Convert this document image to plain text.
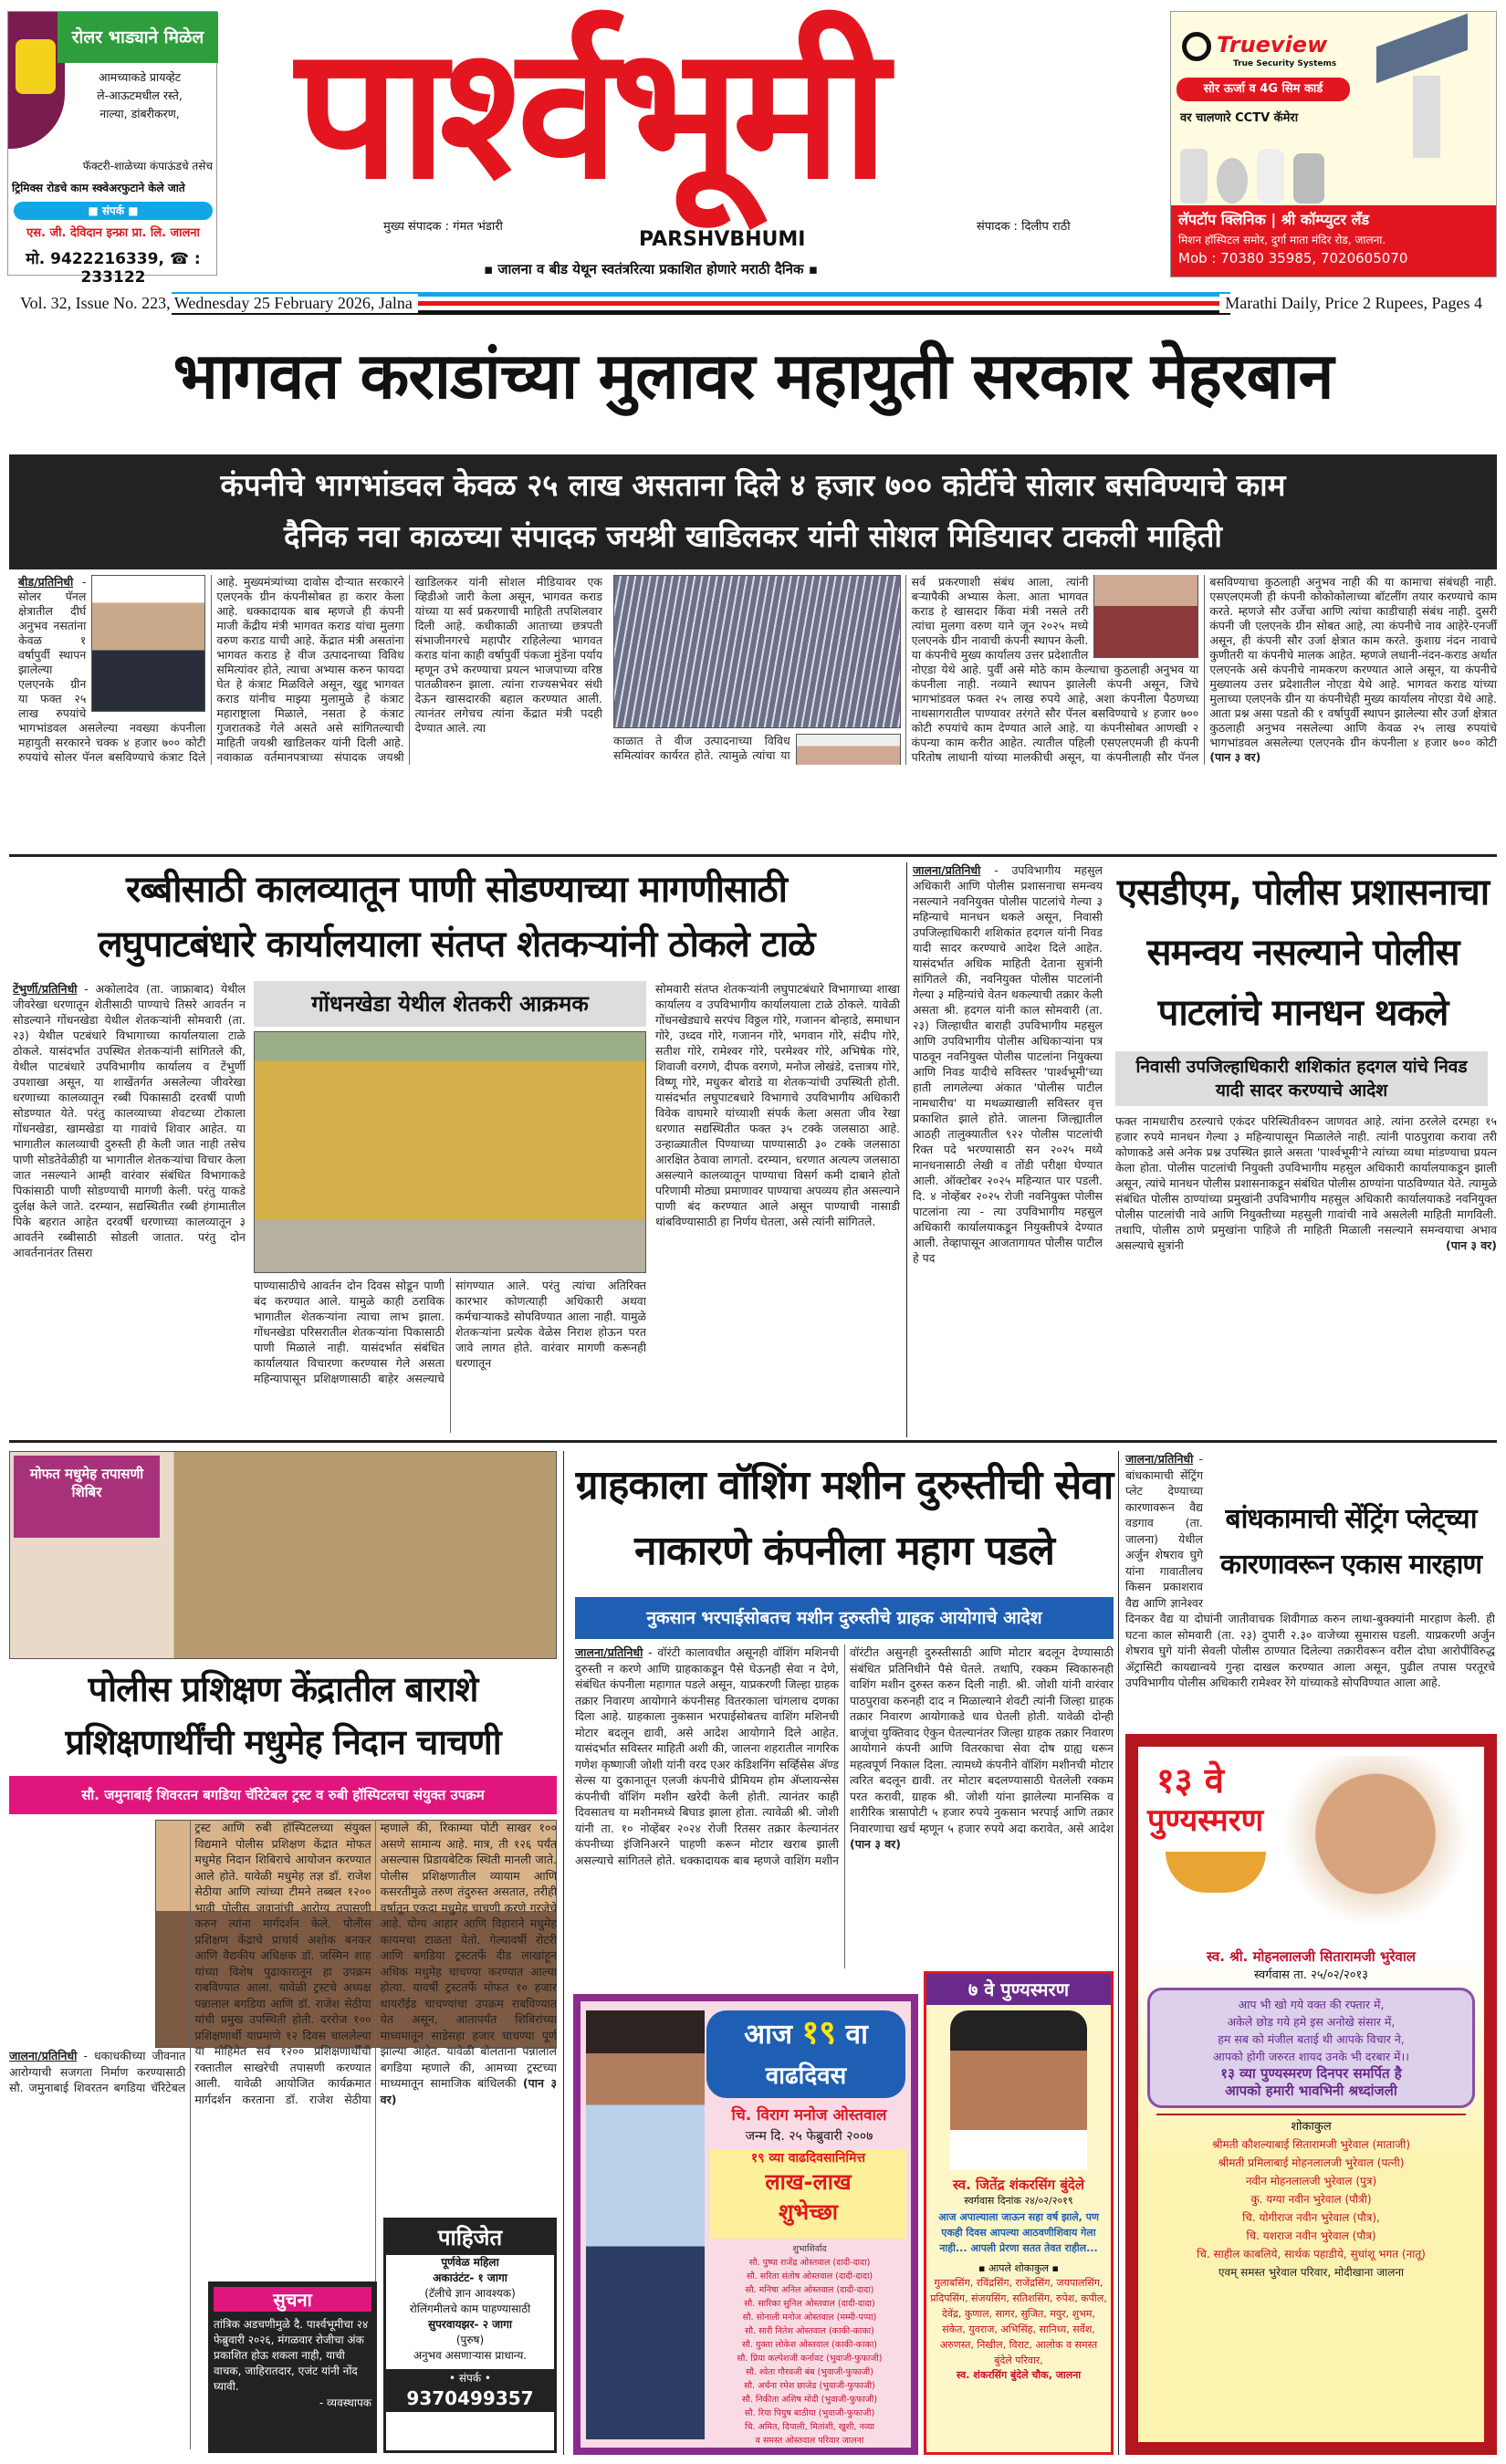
रोलर भाड्याने मिळेल
आमच्याकडे प्रायव्हेट
ले-आऊटमधील रस्ते,
नाल्या, डांबरीकरण,
फॅक्टरी-शाळेच्या कंपाऊंडचे तसेच
ट्रिमिक्स रोडचे काम स्क्वेअरफुटाने केले जाते
■ संपर्क ■
एस. जी. देविदान इन्फ्रा प्रा. लि. जालना
मो. 9422216339, ☎ : 233122
पार्श्वभूमी
मुख्य संपादक : गंमत भंडारी	संपादक : दिलीप राठी
PARSHVBHUMI
▪ जालना व बीड येथून स्वतंत्ररित्या प्रकाशित होणारे मराठी दैनिक ▪
Trueview
True Security Systems
सोर ऊर्जा व 4G सिम कार्ड
वर चालणारे CCTV कॅमेरा
लॅपटॉप क्लिनिक | श्री कॉम्प्युटर लॅंड
मिशन हॉस्पिटल समोर, दुर्गा माता मंदिर रोड, जालना.
Mob : 70380 35985, 7020605070
Vol. 32, Issue No. 223, Wednesday 25 February 2026, Jalna	Marathi Daily, Price 2 Rupees, Pages 4
भागवत कराडांच्या मुलावर महायुती सरकार मेहरबान
कंपनीचे भागभांडवल केवळ २५ लाख असताना दिले ४ हजार ७०० कोटींचे सोलार बसविण्याचे काम
दैनिक नवा काळच्या संपादक जयश्री खाडिलकर यांनी सोशल मिडियावर टाकली माहिती
बीड/प्रतिनिधी - सोलर पॅनल क्षेत्रातील दीर्घ अनुभव नसतांना केवळ १ वर्षापुर्वी स्थापन झालेल्या एलएनके ग्रीन या फक्त २५ लाख रुपयांचे भागभांडवल असलेल्या नवख्या कंपनीला महायुती सरकारने चक्क ४ हजार ७०० कोटी रुपयांचे सोलर पॅनल बसविण्याचे कंत्राट दिले आहे. मुख्यमंत्र्यांच्या दावोस दौऱ्यात सरकारने एलएनके ग्रीन कंपनीसोबत हा करार केला आहे. धक्कादायक बाब म्हणजे ही कंपनी माजी केंद्रीय मंत्री भागवत कराड यांचा मुलगा वरुण कराड याची आहे. केंद्रात मंत्री असतांना भागवत कराड हे वीज उत्पादनाच्या विविध समित्यांवर होते, त्याचा अभ्यास करुन फायदा घेत हे कंत्राट मिळविले असून, खुद्द भागवत कराड यांनीच माझ्या मुलामुळे हे कंत्राट महाराष्ट्राला मिळाले, नसता हे कंत्राट गुजरातकडे गेले असते असे सांगितल्याची माहिती जयश्री खाडिलकर यांनी दिली आहे. नवाकाळ वर्तमानपत्राच्या संपादक जयश्री खाडिलकर यांनी सोशल मीडियावर एक व्हिडीओ जारी केला असून, भागवत कराड यांच्या या सर्व प्रकरणाची माहिती तपशिलवार दिली आहे. कधीकाळी आताच्या छत्रपती संभाजीनगरचे महापौर राहिलेल्या भागवत कराड यांना काही वर्षापुर्वी पंकजा मुंडेंना पर्याय म्हणून उभे करण्याचा प्रयत्न भाजपाच्या वरिष्ठ पातळीवरुन झाला. त्यांना राज्यसभेवर संधी देऊन खासदारकी बहाल करण्यात आली. त्यानंतर लगेचच त्यांना केंद्रात मंत्री पदही देण्यात आले. त्या
काळात ते वीज उत्पादनाच्या विविध समित्यांवर कार्यरत होते. त्यामुळे त्यांचा या सर्व प्रकरणाशी संबंध आला, त्यांनी बऱ्यापैकी अभ्यास केला. आता भागवत कराड हे खासदार किंवा मंत्री नसले तरी त्यांचा मुलगा वरुण याने जून २०२५ मध्ये एलएनके ग्रीन नावाची कंपनी स्थापन केली. या कंपनीचे मुख्य कार्यालय उत्तर प्रदेशातील नोएडा येथे आहे. पुर्वी असे मोठे काम केल्याचा कुठलाही अनुभव या कंपनीला नाही. नव्याने स्थापन झालेली कंपनी असून, जिचे भागभांडवल फक्त २५ लाख रुपये आहे, अशा कंपनीला पैठणच्या नाथसागरातील पाण्यावर तरंगते सौर पॅनल बसविण्याचे ४ हजार ७०० कोटी रुपयांचे काम देण्यात आले आहे. या कंपनीसोबत आणखी २ कंपन्या काम करीत आहेत. त्यातील पहिली एसएलएमजी ही कंपनी परितोष लाधानी यांच्या मालकीची असून, या कंपनीलाही सौर पॅनल बसविण्याचा कुठलाही अनुभव नाही की या कामाचा संबंधही नाही. एसएलएमजी ही कंपनी कोकोकोलाच्या बॉटलींग तयार करण्याचे काम करते. म्हणजे सौर उर्जेचा आणि त्यांचा काडीचाही संबंध नाही. दुसरी कंपनी जी एलएनके ग्रीन सोबत आहे, त्या कंपनीचे नाव आहेरे-एनर्जी असून, ही कंपनी सौर उर्जा क्षेत्रात काम करते. कुशाग्र नंदन नावाचे कुणीतरी या कंपनीचे मालक आहेत. म्हणजे लधानी-नंदन-कराड अर्थात एलएनके असे कंपनीचे नामकरण करण्यात आले असून, या कंपनीचे मुख्यालय उत्तर प्रदेशातील नोएडा येथे आहे. भागवत कराड यांच्या मुलाच्या एलएनके ग्रीन या कंपनीचेही मुख्य कार्यालय नोएडा येथे आहे. आता प्रश्न असा पडतो की १ वर्षापुर्वी स्थापन झालेल्या सौर उर्जा क्षेत्रात कुठलाही अनुभव नसलेल्या आणि केवळ २५ लाख रुपयांचे भागभांडवल असलेल्या एलएनके ग्रीन कंपनीला ४ हजार ७०० कोटी (पान ३ वर)
रब्बीसाठी कालव्यातून पाणी सोडण्याच्या मागणीसाठी
लघुपाटबंधारे कार्यालयाला संतप्त शेतकऱ्यांनी ठोकले टाळे
टेंभुर्णी/प्रतिनिधी - अकोलादेव (ता. जाफ्राबाद) येथील जीवरेखा धरणातून शेतीसाठी पाण्याचे तिसरे आवर्तन न सोडल्याने गोंधनखेडा येथील शेतकऱ्यांनी सोमवारी (ता. २३) येथील पटबंधारे विभागाच्या कार्यालयाला टाळे ठोकले. यासंदर्भात उपस्थित शेतकऱ्यांनी सांगितले की, येथील पाटबंधारे उपविभागीय कार्यालय व टेंभुर्णी उपशाखा असून, या शाखेंतर्गत असलेल्या जीवरेखा धरणाच्या कालव्यातून रब्बी पिकासाठी दरवर्षी पाणी सोडण्यात येते. परंतु कालव्याच्या शेवटच्या टोकाला गोंधनखेडा, खामखेडा या गावांचे शिवार आहेत. या भागातील कालव्याची दुरुस्ती ही केली जात नाही तसेच पाणी सोडतेवेळीही या भागातील शेतकऱ्यांचा विचार केला जात नसल्याने आम्ही वारंवार संबंधित विभागाकडे पिकांसाठी पाणी सोडण्याची मागणी केली. परंतु याकडे दुर्लक्ष केले जाते. दरम्यान, सद्यस्थितीत रब्बी हंगामातील पिके बहरात आहेत दरवर्षी धरणाच्या कालव्यातून ३ आवर्तने रब्बीसाठी सोडली जातात. परंतु दोन आवर्तनानंतर तिसरा
गोंधनखेडा येथील शेतकरी आक्रमक
पाण्यासाठीचे आवर्तन दोन दिवस सोडून पाणी बंद करण्यात आले. यामुळे काही ठराविक भागातील शेतकऱ्यांना त्याचा लाभ झाला. गोंधनखेडा परिसरातील शेतकऱ्यांना पिकासाठी पाणी मिळाले नाही. यासंदर्भात संबंधित कार्यालयात विचारणा करण्यास गेले असता महिन्यापासून प्रशिक्षणासाठी बाहेर असल्याचे सांगण्यात आले. परंतु त्यांचा अतिरिक्त कारभार कोणत्याही अधिकारी अथवा कर्मचाऱ्याकडे सोपविण्यात आला नाही. यामुळे शेतकऱ्यांना प्रत्येक वेळेस निराश होऊन परत जावे लागत होते. वारंवार मागणी करूनही धरणातून
सोमवारी संतप्त शेतकऱ्यांनी लघुपाटबंधारे विभागाच्या शाखा कार्यालय व उपविभागीय कार्यालयाला टाळे ठोकले. यावेळी गोंधनखेड्याचे सरपंच विठ्ठल गोरे, गजानन बोन्हाडे, समाधान गोरे, उध्दव गोरे, गजानन गोरे, भगवान गोरे, संदीप गोरे, सतीश गोरे, रामेश्वर गोरे, परमेश्वर गोरे, अभिषेक गोरे, शिवाजी वरगणे, दीपक वरगणे, मनोज लोखंडे, दत्तात्रय गोरे, विष्णू गोरे, मधुकर बोराडे या शेतकऱ्यांची उपस्थिती होती. यासंदर्भात लघुपाटबधारे विभागाचे उपविभागीय अधिकारी विवेक वाघमारे यांच्याशी संपर्क केला असता जीव रेखा धरणात सद्यस्थितीत फक्त ३५ टक्के जलसाठा आहे. उन्हाळ्यातील पिण्याच्या पाण्यासाठी ३० टक्के जलसाठा आरक्षित ठेवावा लागतो. दरम्यान, धरणात अत्यल्प जलसाठा असल्याने कालव्यातून पाण्याचा विसर्ग कमी दाबाने होतो परिणामी मोठ्या प्रमाणावर पाण्याचा अपव्यय होत असल्याने पाणी बंद करण्यात आले असून पाण्याची नासाडी थांबविण्यासाठी हा निर्णय घेतला, असे त्यांनी सांगितले.
एसडीएम, पोलीस प्रशासनाचा समन्वय नसल्याने पोलीस पाटलांचे मानधन थकले
निवासी उपजिल्हाधिकारी शशिकांत हदगल यांचे निवड यादी सादर करण्याचे आदेश
जालना/प्रतिनिधी - उपविभागीय महसुल अधिकारी आणि पोलीस प्रशासनाचा समन्वय नसल्याने नवनियुक्त पोलीस पाटलांचे गेल्या ३ महिन्याचे मानधन थकले असून, निवासी उपजिल्हाधिकारी शशिकांत हदगल यांनी निवड यादी सादर करण्याचे आदेश दिले आहेत. यासंदर्भात अधिक माहिती देताना सुत्रांनी सांगितले की, नवनियुक्त पोलीस पाटलांनी गेल्या ३ महिन्यांचे वेतन थकल्याची तक्रार केली असता श्री. हदगल यांनी काल सोमवारी (ता. २३) जिल्हाधीत बाराही उपविभागीय महसुल आणि उपविभागीय पोलीस अधिकाऱ्यांना पत्र पाठवून नवनियुक्त पोलीस पाटलांना नियुक्त्या आणि निवड यादीचे सविस्तर 'पार्श्वभूमी'च्या हाती लागलेल्या अंकात 'पोलीस पाटील नामधारीच' या मथळ्याखाली सविस्तर वृत्त प्रकाशित झाले होते. जालना जिल्ह्यातील आठही तालुक्यातील ९२२ पोलीस पाटलांची रिक्त पदे भरण्यासाठी सन २०२५ मध्ये मानधनासाठी लेखी व तोंडी परीक्षा घेण्यात आली. ऑक्टोबर २०२५ महिन्यात पार पडली. दि. ४ नोव्हेंबर २०२५ रोजी नवनियुक्त पोलीस पाटलांना त्या - त्या उपविभागीय महसुल अधिकारी कार्यालयाकडून नियुक्तीपत्रे देण्यात आली. तेव्हापासून आजतागायत पोलीस पाटील हे पद
फक्त नामधारीच ठरल्याचे एकंदर परिस्थितीवरुन जाणवत आहे. त्यांना ठरलेले दरमहा १५ हजार रुपये मानधन गेल्या ३ महिन्यापासून मिळालेले नाही. त्यांनी पाठपुरावा करावा तरी कोणाकडे असे अनेक प्रश्न उपस्थित झाले असता 'पार्श्वभूमी'ने त्यांच्या व्यथा मांडण्याचा प्रयत्न केला होता. पोलीस पाटलांची नियुक्ती उपविभागीय महसुल अधिकारी कार्यालयाकडून झाली असून, त्यांचे मानधन पोलीस प्रशासनाकडून संबंधित पोलीस ठाण्यांना पाठविण्यात येते. त्यामुळे संबंधित पोलीस ठाण्यांच्या प्रमुखांनी उपविभागीय महसुल अधिकारी कार्यालयाकडे नवनियुक्त पोलीस पाटलांची नावे आणि नियुक्तीच्या महसुली गावांची नावे असलेली माहिती मागविली. तथापि, पोलीस ठाणे प्रमुखांना पाहिजे ती माहिती मिळाली नसल्याने समन्वयाचा अभाव असल्याचे सुत्रांनी	(पान ३ वर)
मोफत मधुमेह तपासणी शिबिर
पोलीस प्रशिक्षण केंद्रातील बाराशे प्रशिक्षणार्थींची मधुमेह निदान चाचणी
सौ. जमुनाबाई शिवरतन बगडिया चॅरिटेबल ट्रस्ट व रुबी हॉस्पिटलचा संयुक्त उपक्रम
जालना/प्रतिनिधी - धकाधकीच्या जीवनात आरोग्याची सजगता निर्माण करण्यासाठी सौ. जमुनाबाई शिवरतन बगडिया चॅरिटेबल ट्रस्ट आणि रुबी हॉस्पिटलच्या संयुक्त विद्यमाने पोलीस प्रशिक्षण केंद्रात मोफत मधुमेह निदान शिबिराचे आयोजन करण्यात आले होते. यावेळी मधुमेह तज्ञ डॉ. राजेश सेठीया आणि त्यांच्या टीमने तब्बल १२०० भावी पोलीस जवानांची आरोग्य तपासणी करुन त्यांना मार्गदर्शन केले. पोलीस प्रशिक्षण केंद्राचे प्राचार्य अशोक बनकर आणि वैद्यकीय अधिक्षक डॉ. जस्मिन शाह यांच्या विशेष पुढाकारातून हा उपक्रम राबविण्यात आला. यावेळी ट्रस्टचे अध्यक्ष पन्नालाल बगडिया आणि डॉ. राजेश सेठीया यांची प्रमुख उपस्थिती होती. दररोज १०० प्रशिक्षणार्थी याप्रमाणे १२ दिवस चाललेल्या या मोहिमेत सर्व १२०० प्रशिक्षणार्थींची रक्तातील साखरेची तपासणी करण्यात आली. यावेळी आयोजित कार्यक्रमात मार्गदर्शन करताना डॉ. राजेश सेठीया म्हणाले की, रिकाम्या पोटी साखर १०० असणे सामान्य आहे. मात्र, ती १२६ पर्यंत असल्यास प्रिडायबेटिक स्थिती मानली जाते. पोलीस प्रशिक्षणातील व्यायाम आणि कसरतीमुळे तरुण तंदुरुस्त असतात, तरीही वर्षातून एकदा मधुमेह चाचणी करणे गरजेचे आहे. योग्य आहार आणि विहाराने मधुमेह कायमचा टाळता येतो. गेल्यावर्षी रोटरी आणि बगडिया ट्रस्टतर्फे दीड लाखांहून अधिक मधुमेह चाचण्या करण्यात आल्या होत्या. यावर्षी ट्रस्टतर्फे मोफत १० हजार थायरॉईड चाचण्यांचा उपक्रम राबविण्यात येत असून, आतापर्यंत शिबिरांच्या माध्यमातून साडेसहा हजार चाचण्या पूर्ण झाल्या आहेत. यावेळी बोलताना पन्नालाल बगडिया म्हणाले की, आमच्या ट्रस्टच्या माध्यमातून सामाजिक बांधिलकी (पान ३ वर)
सुचना
तांत्रिक अडचणीमुळे दै. पार्श्वभूमीचा २४ फेब्रुवारी २०२६, मंगळवार रोजीचा अंक प्रकाशित होऊ शकला नाही, याची वाचक, जाहिरातदार, एजंट यांनी नोंद घ्यावी.
- व्यवस्थापक
पाहिजेत
पूर्णवेळ महिला
अकाउंटंट- १ जागा
(टॅलीचे ज्ञान आवश्यक)
रोलिंगमीलचे काम पाहण्यासाठी
सुपरवायझर- २ जागा
(पुरुष)
अनुभव असणाऱ्यास प्राधान्य.
• संपर्क •
9370499357
ग्राहकाला वॉशिंग मशीन दुरुस्तीची सेवा नाकारणे कंपनीला महाग पडले
नुकसान भरपाईसोबतच मशीन दुरुस्तीचे ग्राहक आयोगाचे आदेश
जालना/प्रतिनिधी - वॉरंटी कालावधीत असूनही वॉशिंग मशिनची दुरुस्ती न करणे आणि ग्राहकाकडून पैसे घेऊनही सेवा न देणे, संबंधित कंपनीला महागात पडले असून, याप्रकरणी जिल्हा ग्राहक तक्रार निवारण आयोगाने कंपनीसह वितरकाला चांगलाच दणका दिला आहे. ग्राहकाला नुकसान भरपाईसोबतच वाशिंग मशिनची मोटार बदलून द्यावी, असे आदेश आयोगाने दिले आहेत. यासंदर्भात सविस्तर माहिती अशी की, जालना शहरातील नागरिक गणेश कृष्णाजी जोशी यांनी वरद एअर कंडिशनिंग सर्व्हिसेस ॲण्ड सेल्स या दुकानातून एलजी कंपनीचे प्रीमियम होम ॲप्लायन्सेस कंपनीची वॉशिंग मशीन खरेदी केली होती. त्यानंतर काही दिवसातच या मशीनमध्ये बिघाड झाला होता. त्यावेळी श्री. जोशी यांनी ता. १० नोव्हेंबर २०२४ रोजी रितसर तक्रार केल्यानंतर कंपनीच्या इंजिनिअरने पाहणी करून मोटार खराब झाली असल्याचे सांगितले होते. धक्कादायक बाब म्हणजे वाशिंग मशीन वॉरंटीत असुनही दुरुस्तीसाठी आणि मोटार बदलून देण्यासाठी संबंधित प्रतिनिधीने पैसे घेतले. तथापि, रक्कम स्विकारुनही वाशिंग मशीन दुरुस्त करुन दिली नाही. श्री. जोशी यांनी वारंवार पाठपुरावा करुनही दाद न मिळाल्याने शेवटी त्यांनी जिल्हा ग्राहक तक्रार निवारण आयोगाकडे धाव घेतली होती. यावेळी दोन्ही बाजूंचा युक्तिवाद ऐकुन घेतल्यानंतर जिल्हा ग्राहक तक्रार निवारण आयोगाने कंपनी आणि वितरकाचा सेवा दोष ग्राह्य धरून महत्वपूर्ण निकाल दिला. त्यामध्ये कंपनीने वॉशिंग मशीनची मोटार त्वरित बदलून द्यावी. तर मोटार बदलण्यासाठी घेतलेली रक्कम परत करावी, ग्राहक श्री. जोशी यांना झालेल्या मानसिक व शारीरिक त्रासापोटी ५ हजार रुपये नुकसान भरपाई आणि तक्रार निवारणाचा खर्च म्हणून ५ हजार रुपये अदा करावेत, असे आदेश (पान ३ वर)
आज १९ वा
वाढदिवस
चि. विराग मनोज ओस्तवाल
जन्म दि. २५ फेब्रुवारी २००७
१९ व्या वाढदिवसानिमित्त
लाख-लाख
शुभेच्छा
शुभाशिर्वाद
सौ. पुष्पा राजेंद्र ओस्तवाल (दादी-दादा)
सौ. सरिता संतोष ओस्तवाल (दादी-दादा)
सौ. मनिषा अनिल ओस्तवाल (दादी-दादा)
सौ. सारिका सुनिल ओस्तवाल (दादी-दादा)
सौ. सोनाली मनोज ओस्तवाल (मम्मी-पप्पा)
सौ. सारी नितेश ओस्तवाल (काकी-काका)
सौ. युक्ता लोकेश ओस्तवाल (काकी-काका)
सौ. प्रिया कल्पेशजी कर्नावट (भुवाजी-फुफाजी)
सौ. श्वेता गौरवजी बंब (भुवाजी-फुफाजी)
सौ. अर्चना रमेश छाजेड (भुवाजी-फुफाजी)
सौ. निकीता अशिष मोदी (भुवाजी-फुफाजी)
सौ. रिया पियुष बाठीया (भुवाजी-फुफाजी)
चि. अमित, दिपाली, मितांशी, खुशी, नव्या
व समस्त ओस्तवाल परिवार जालना
७ वे पुण्यस्मरण
स्व. जितेंद्र शंकरसिंग बुंदेले
स्वर्गवास दिनांक २४/०२/२०१९
आज अपाल्याला जाऊन सहा वर्ष झाले, पण एकही दिवस आपल्या आठवणीशिवाय गेला नाही... आपली प्रेरणा सतत तेवत राहील...
▪ आपले शोकाकुल ▪
गुलाबसिंग, रविंद्रसिंग, राजेंद्रसिंग, जयपालसिंग, प्रदिपसिंग, संजयसिंग, सतिशसिंग, रुपेश, कपील, देवेंद्र, कुणाल, सागर, सुजित, मयुर, शुभम, संकेत, युवराज, अभिसिंह, सानिध्य, सर्वेश, अरुणस्त, निखील, विराट, आलोक व समस्त बुंदेले परिवार,
स्व. शंकरसिंग बुंदेले चौक, जालना
बांधकामाची सेंट्रिंग प्लेट्च्या कारणावरून एकास मारहाण
जालना/प्रतिनिधी - बांधकामाची सेंट्रिंग प्लेट देण्याच्या कारणावरून वैद्य वडगाव (ता. जालना) येथील अर्जुन शेषराव घुगे यांना गावातीलच किसन प्रकाशराव वैद्य आणि ज्ञानेश्वर दिनकर वैद्य या दोघांनी जातीवाचक शिवीगाळ करुन लाथा-बुक्क्यांनी मारहाण केली. ही घटना काल सोमवारी (ता. २३) दुपारी २.३० वाजेच्या सुमारास घडली. याप्रकरणी अर्जुन शेषराव घुगे यांनी सेवली पोलीस ठाण्यात दिलेल्या तक्रारीवरून वरील दोघा आरोपींविरुद्ध ॲट्रासिटी कायद्यान्वये गुन्हा दाखल करण्यात आला असून, पुढील तपास परतूरचे उपविभागीय पोलीस अधिकारी रामेश्वर रेंगे यांच्याकडे सोपविण्यात आला आहे.
१३ वे
पुण्यस्मरण
स्व. श्री. मोहनलालजी सितारामजी भुरेवाल
स्वर्गवास ता. २५/०२/२०१३
आप भी खो गये वक्त की रफ्तार में,
अकेले छोड गये हमे इस अनोखे संसार में,
हम सब को मंजील बताई थी आपके विचार ने,
आपको होगी जरुरत शायद उनके भी दरबार में।।
१३ व्या पुण्यस्मरण दिनपर समर्पित है
आपको हमारी भावभिनी श्रध्दांजली
शोकाकुल
श्रीमती कौशल्याबाई सितारामजी भुरेवाल (माताजी)
श्रीमती प्रमिलाबाई मोहनलालजी भुरेवाल (पत्नी)
नवीन मोहनलालजी भुरेवाल (पुत्र)
कु. यग्या नवीन भुरेवाल (पौत्री)
चि. योगीराज नवीन भुरेवाल (पौत्र),
चि. यशराज नवीन भुरेवाल (पौत्र)
चि. साहील काबलिये, सार्थक पहाडीये, सुधांशू भगत (नातू)
एवम् समस्त भुरेवाल परिवार, मोदीखाना जालना
